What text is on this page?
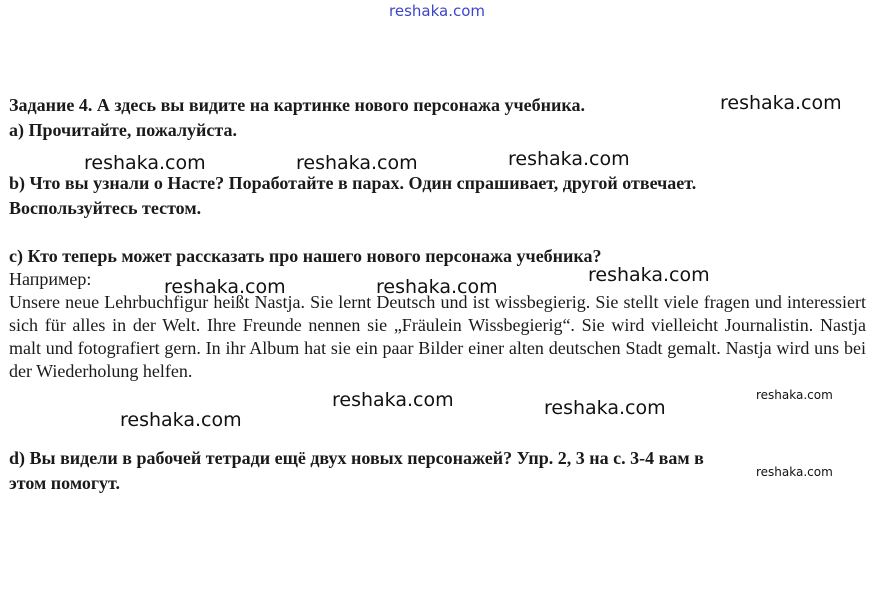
reshaka.com
Задание 4. А здесь вы видите на картинке нового персонажа учебника.
а) Прочитайте, пожалуйста.
b) Что вы узнали о Насте? Поработайте в парах. Один спрашивает, другой отвечает.
Воспользуйтесь тестом.
с) Кто теперь может рассказать про нашего нового персонажа учебника?
Например:
Unsere neue Lehrbuchfigur heißt Nastja. Sie lernt Deutsch und ist wissbegierig. Sie stellt viele fragen und interessiert sich für alles in der Welt. Ihre Freunde nennen sie „Fräulein Wissbegierig“. Sie wird vielleicht Journalistin. Nastja malt und fotografiert gern. In ihr Album hat sie ein paar Bilder einer alten deutschen Stadt gemalt. Nastja wird uns bei der Wiederholung helfen.
d) Вы видели в рабочей тетради ещё двух новых персонажей? Упр. 2, 3 на с. 3-4 вам в
этом помогут.
reshaka.com
reshaka.com	reshaka.com	reshaka.com
reshaka.com
reshaka.com	reshaka.com
reshaka.com	reshaka.com
reshaka.com
reshaka.com
reshaka.com
